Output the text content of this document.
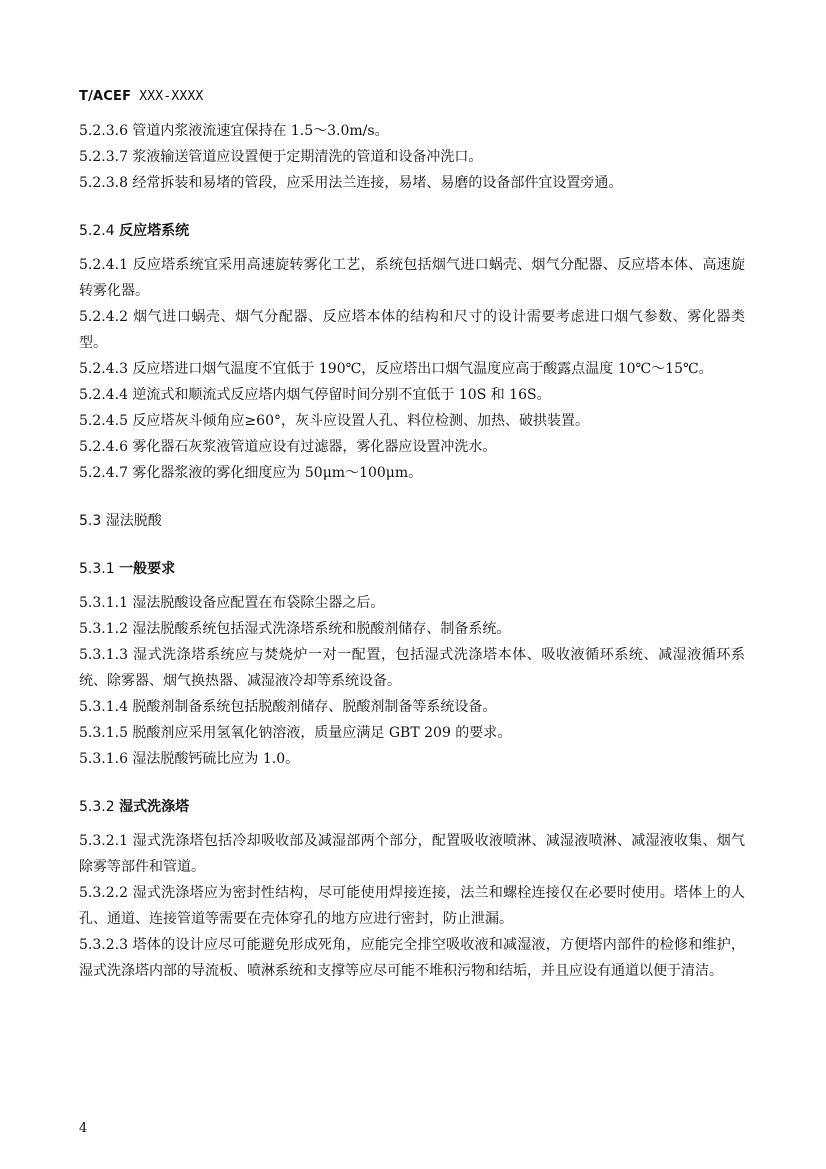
T/ACEF XXX-XXXX

5.2.3.6 管道内浆液流速宜保持在 1.5～3.0m/s。

5.2.3.7 浆液输送管道应设置便于定期清洗的管道和设备冲洗口。

5.2.3.8 经常拆装和易堵的管段，应采用法兰连接，易堵、易磨的设备部件宜设置旁通。

5.2.4 反应塔系统

5.2.4.1 反应塔系统宜采用高速旋转雾化工艺，系统包括烟气进口蜗壳、烟气分配器、反应塔本体、高速旋转雾化器。

5.2.4.2 烟气进口蜗壳、烟气分配器、反应塔本体的结构和尺寸的设计需要考虑进口烟气参数、雾化器类型。

5.2.4.3 反应塔进口烟气温度不宜低于 190℃，反应塔出口烟气温度应高于酸露点温度 10℃～15℃。

5.2.4.4 逆流式和顺流式反应塔内烟气停留时间分别不宜低于 10S 和 16S。

5.2.4.5 反应塔灰斗倾角应≥60°，灰斗应设置人孔、料位检测、加热、破拱装置。

5.2.4.6 雾化器石灰浆液管道应设有过滤器，雾化器应设置冲洗水。

5.2.4.7 雾化器浆液的雾化细度应为 50μm～100μm。

5.3 湿法脱酸

5.3.1 一般要求

5.3.1.1 湿法脱酸设备应配置在布袋除尘器之后。

5.3.1.2 湿法脱酸系统包括湿式洗涤塔系统和脱酸剂储存、制备系统。

5.3.1.3 湿式洗涤塔系统应与焚烧炉一对一配置，包括湿式洗涤塔本体、吸收液循环系统、减湿液循环系统、除雾器、烟气换热器、减湿液冷却等系统设备。

5.3.1.4 脱酸剂制备系统包括脱酸剂储存、脱酸剂制备等系统设备。

5.3.1.5 脱酸剂应采用氢氧化钠溶液，质量应满足 GBT 209 的要求。

5.3.1.6 湿法脱酸钙硫比应为 1.0。

5.3.2 湿式洗涤塔

5.3.2.1 湿式洗涤塔包括冷却吸收部及减湿部两个部分，配置吸收液喷淋、减湿液喷淋、减湿液收集、烟气除雾等部件和管道。

5.3.2.2 湿式洗涤塔应为密封性结构，尽可能使用焊接连接，法兰和螺栓连接仅在必要时使用。塔体上的人孔、通道、连接管道等需要在壳体穿孔的地方应进行密封，防止泄漏。

5.3.2.3 塔体的设计应尽可能避免形成死角，应能完全排空吸收液和减湿液，方便塔内部件的检修和维护，湿式洗涤塔内部的导流板、喷淋系统和支撑等应尽可能不堆积污物和结垢，并且应设有通道以便于清洁。

4
